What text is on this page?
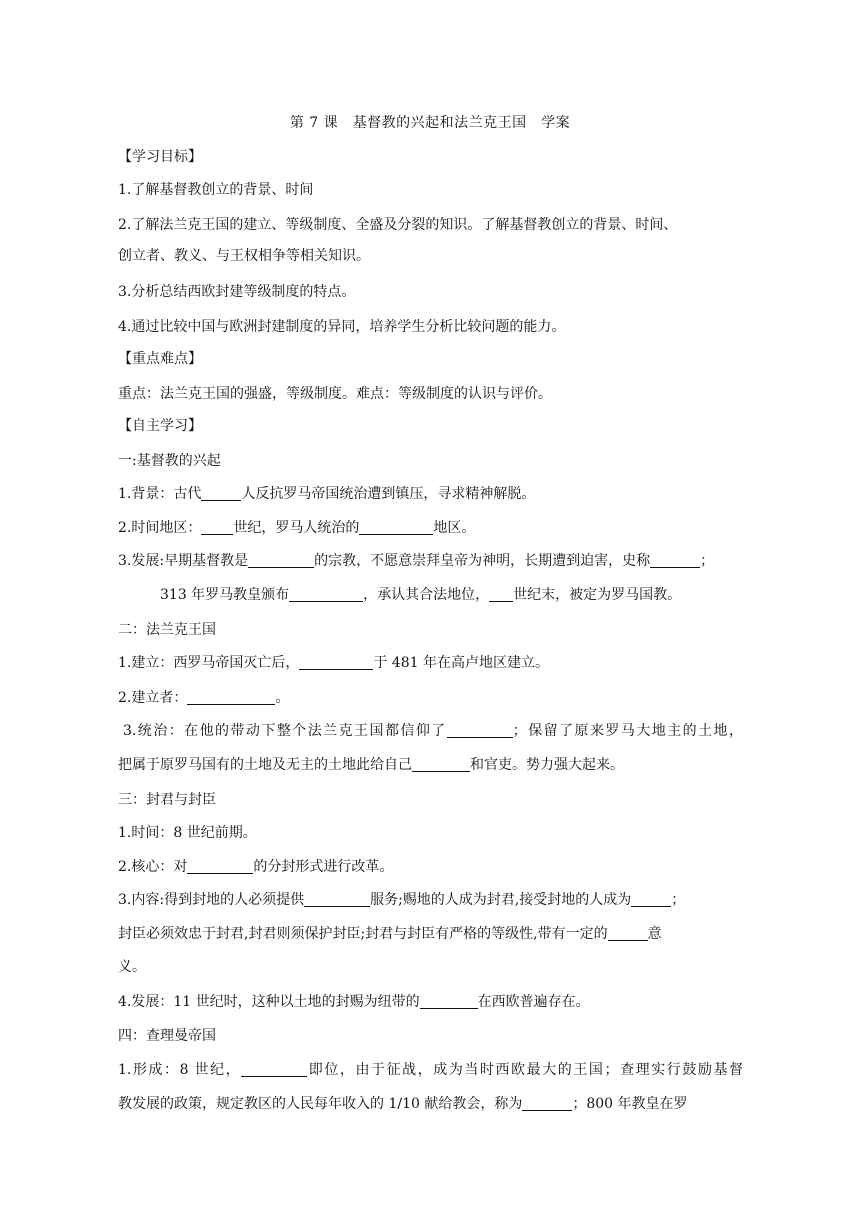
第 7 课　基督教的兴起和法兰克王国　学案
【学习目标】
1.了解基督教创立的背景、时间
2.了解法兰克王国的建立、等级制度、全盛及分裂的知识。了解基督教创立的背景、时间、
创立者、教义、与王权相争等相关知识。
3.分析总结西欧封建等级制度的特点。
4.通过比较中国与欧洲封建制度的异同，培养学生分析比较问题的能力。
【重点难点】
重点：法兰克王国的强盛，等级制度。难点：等级制度的认识与评价。
【自主学习】
一:基督教的兴起
1.背景：古代	人反抗罗马帝国统治遭到镇压，寻求精神解脱。
2.时间地区： 世纪，罗马人统治的	地区。
3.发展:早期基督教是	的宗教，不愿意崇拜皇帝为神明，长期遭到迫害，史称	；
313 年罗马教皇颁布	，承认其合法地位， 世纪末，被定为罗马国教。
二：法兰克王国
1.建立：西罗马帝国灭亡后，	于 481 年在高卢地区建立。
2.建立者：	。
3.统治：在他的带动下整个法兰克王国都信仰了	；保留了原来罗马大地主的土地，
把属于原罗马国有的土地及无主的土地此给自己	和官吏。势力强大起来。
三：封君与封臣
1.时间：8 世纪前期。
2.核心：对	的分封形式进行改革。
3.内容:得到封地的人必须提供	服务;赐地的人成为封君,接受封地的人成为	；
封臣必须效忠于封君,封君则须保护封臣;封君与封臣有严格的等级性,带有一定的	意
义。
4.发展：11 世纪时，这种以土地的封赐为纽带的	在西欧普遍存在。
四：查理曼帝国
1.形成：8 世纪，	即位，由于征战，成为当时西欧最大的王国；查理实行鼓励基督
教发展的政策，规定教区的人民每年收入的 1/10 献给教会，称为	；800 年教皇在罗
